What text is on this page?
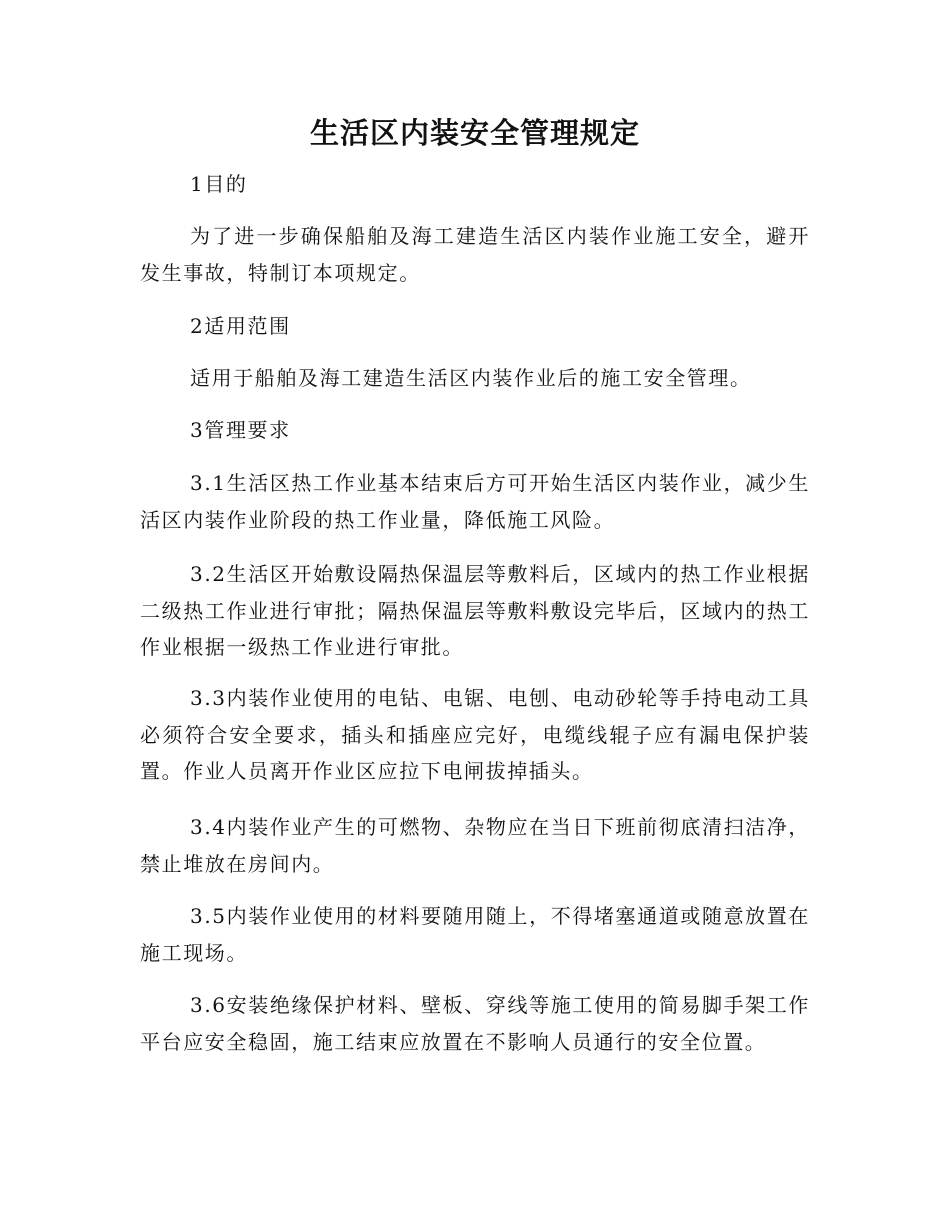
生活区内装安全管理规定

1目的

为了进一步确保船舶及海工建造生活区内装作业施工安全，避开发生事故，特制订本项规定。

2适用范围

适用于船舶及海工建造生活区内装作业后的施工安全管理。

3管理要求

3.1生活区热工作业基本结束后方可开始生活区内装作业，减少生活区内装作业阶段的热工作业量，降低施工风险。

3.2生活区开始敷设隔热保温层等敷料后，区域内的热工作业根据二级热工作业进行审批；隔热保温层等敷料敷设完毕后，区域内的热工作业根据一级热工作业进行审批。

3.3内装作业使用的电钻、电锯、电刨、电动砂轮等手持电动工具必须符合安全要求，插头和插座应完好，电缆线辊子应有漏电保护装置。作业人员离开作业区应拉下电闸拔掉插头。

3.4内装作业产生的可燃物、杂物应在当日下班前彻底清扫洁净，禁止堆放在房间内。

3.5内装作业使用的材料要随用随上，不得堵塞通道或随意放置在施工现场。

3.6安装绝缘保护材料、壁板、穿线等施工使用的简易脚手架工作平台应安全稳固，施工结束应放置在不影响人员通行的安全位置。
